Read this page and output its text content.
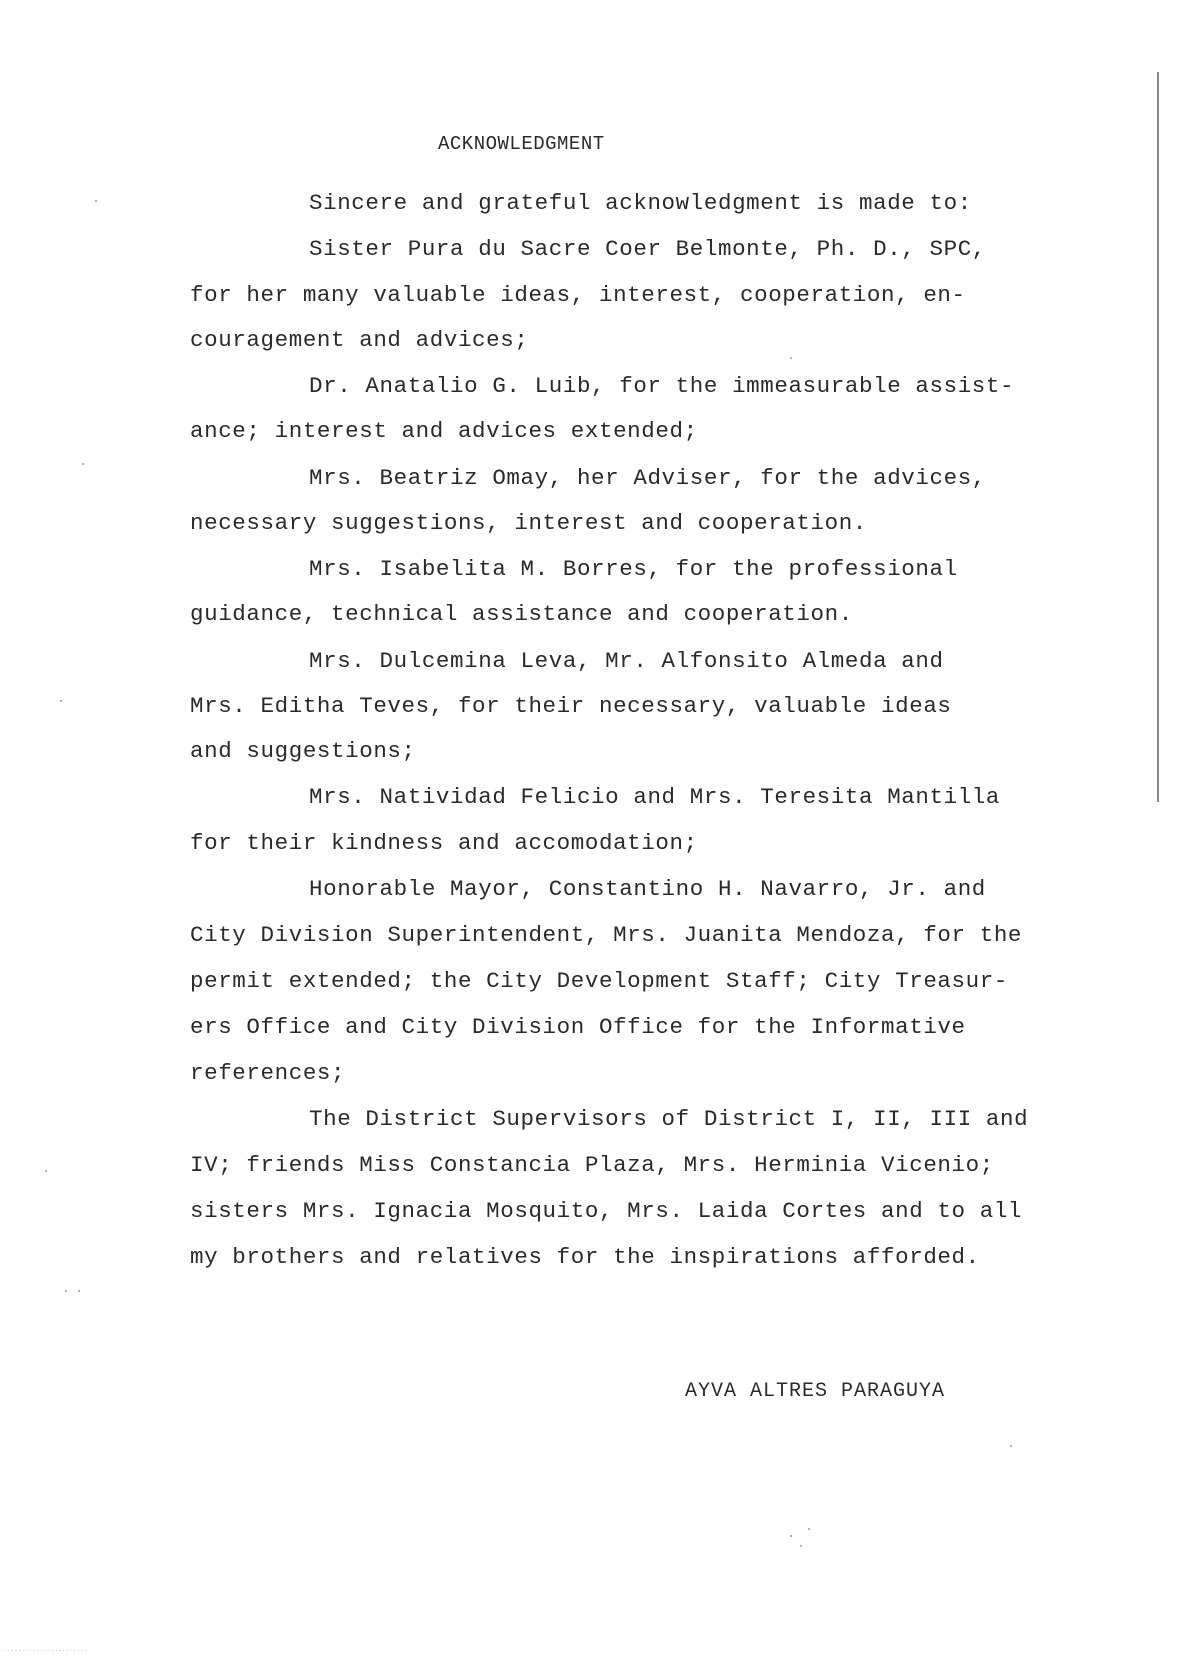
ACKNOWLEDGMENT
Sincere and grateful acknowledgment is made to:
Sister Pura du Sacre Coer Belmonte, Ph. D., SPC,
for her many valuable ideas, interest, cooperation, en-
couragement and advices;
Dr. Anatalio G. Luib, for the immeasurable assist-
ance; interest and advices extended;
Mrs. Beatriz Omay, her Adviser, for the advices,
necessary suggestions, interest and cooperation.
Mrs. Isabelita M. Borres, for the professional
guidance, technical assistance and cooperation.
Mrs. Dulcemina Leva, Mr. Alfonsito Almeda and
Mrs. Editha Teves, for their necessary, valuable ideas
and suggestions;
Mrs. Natividad Felicio and Mrs. Teresita Mantilla
for their kindness and accomodation;
Honorable Mayor, Constantino H. Navarro, Jr. and
City Division Superintendent, Mrs. Juanita Mendoza, for the
permit extended; the City Development Staff; City Treasur-
ers Office and City Division Office for the Informative
references;
The District Supervisors of District I, II, III and
IV; friends Miss Constancia Plaza, Mrs. Herminia Vicenio;
sisters Mrs. Ignacia Mosquito, Mrs. Laida Cortes and to all
my brothers and relatives for the inspirations afforded.
AYVA ALTRES PARAGUYA
· · · · · · · · · · · · · · · · · · · · · · ·
